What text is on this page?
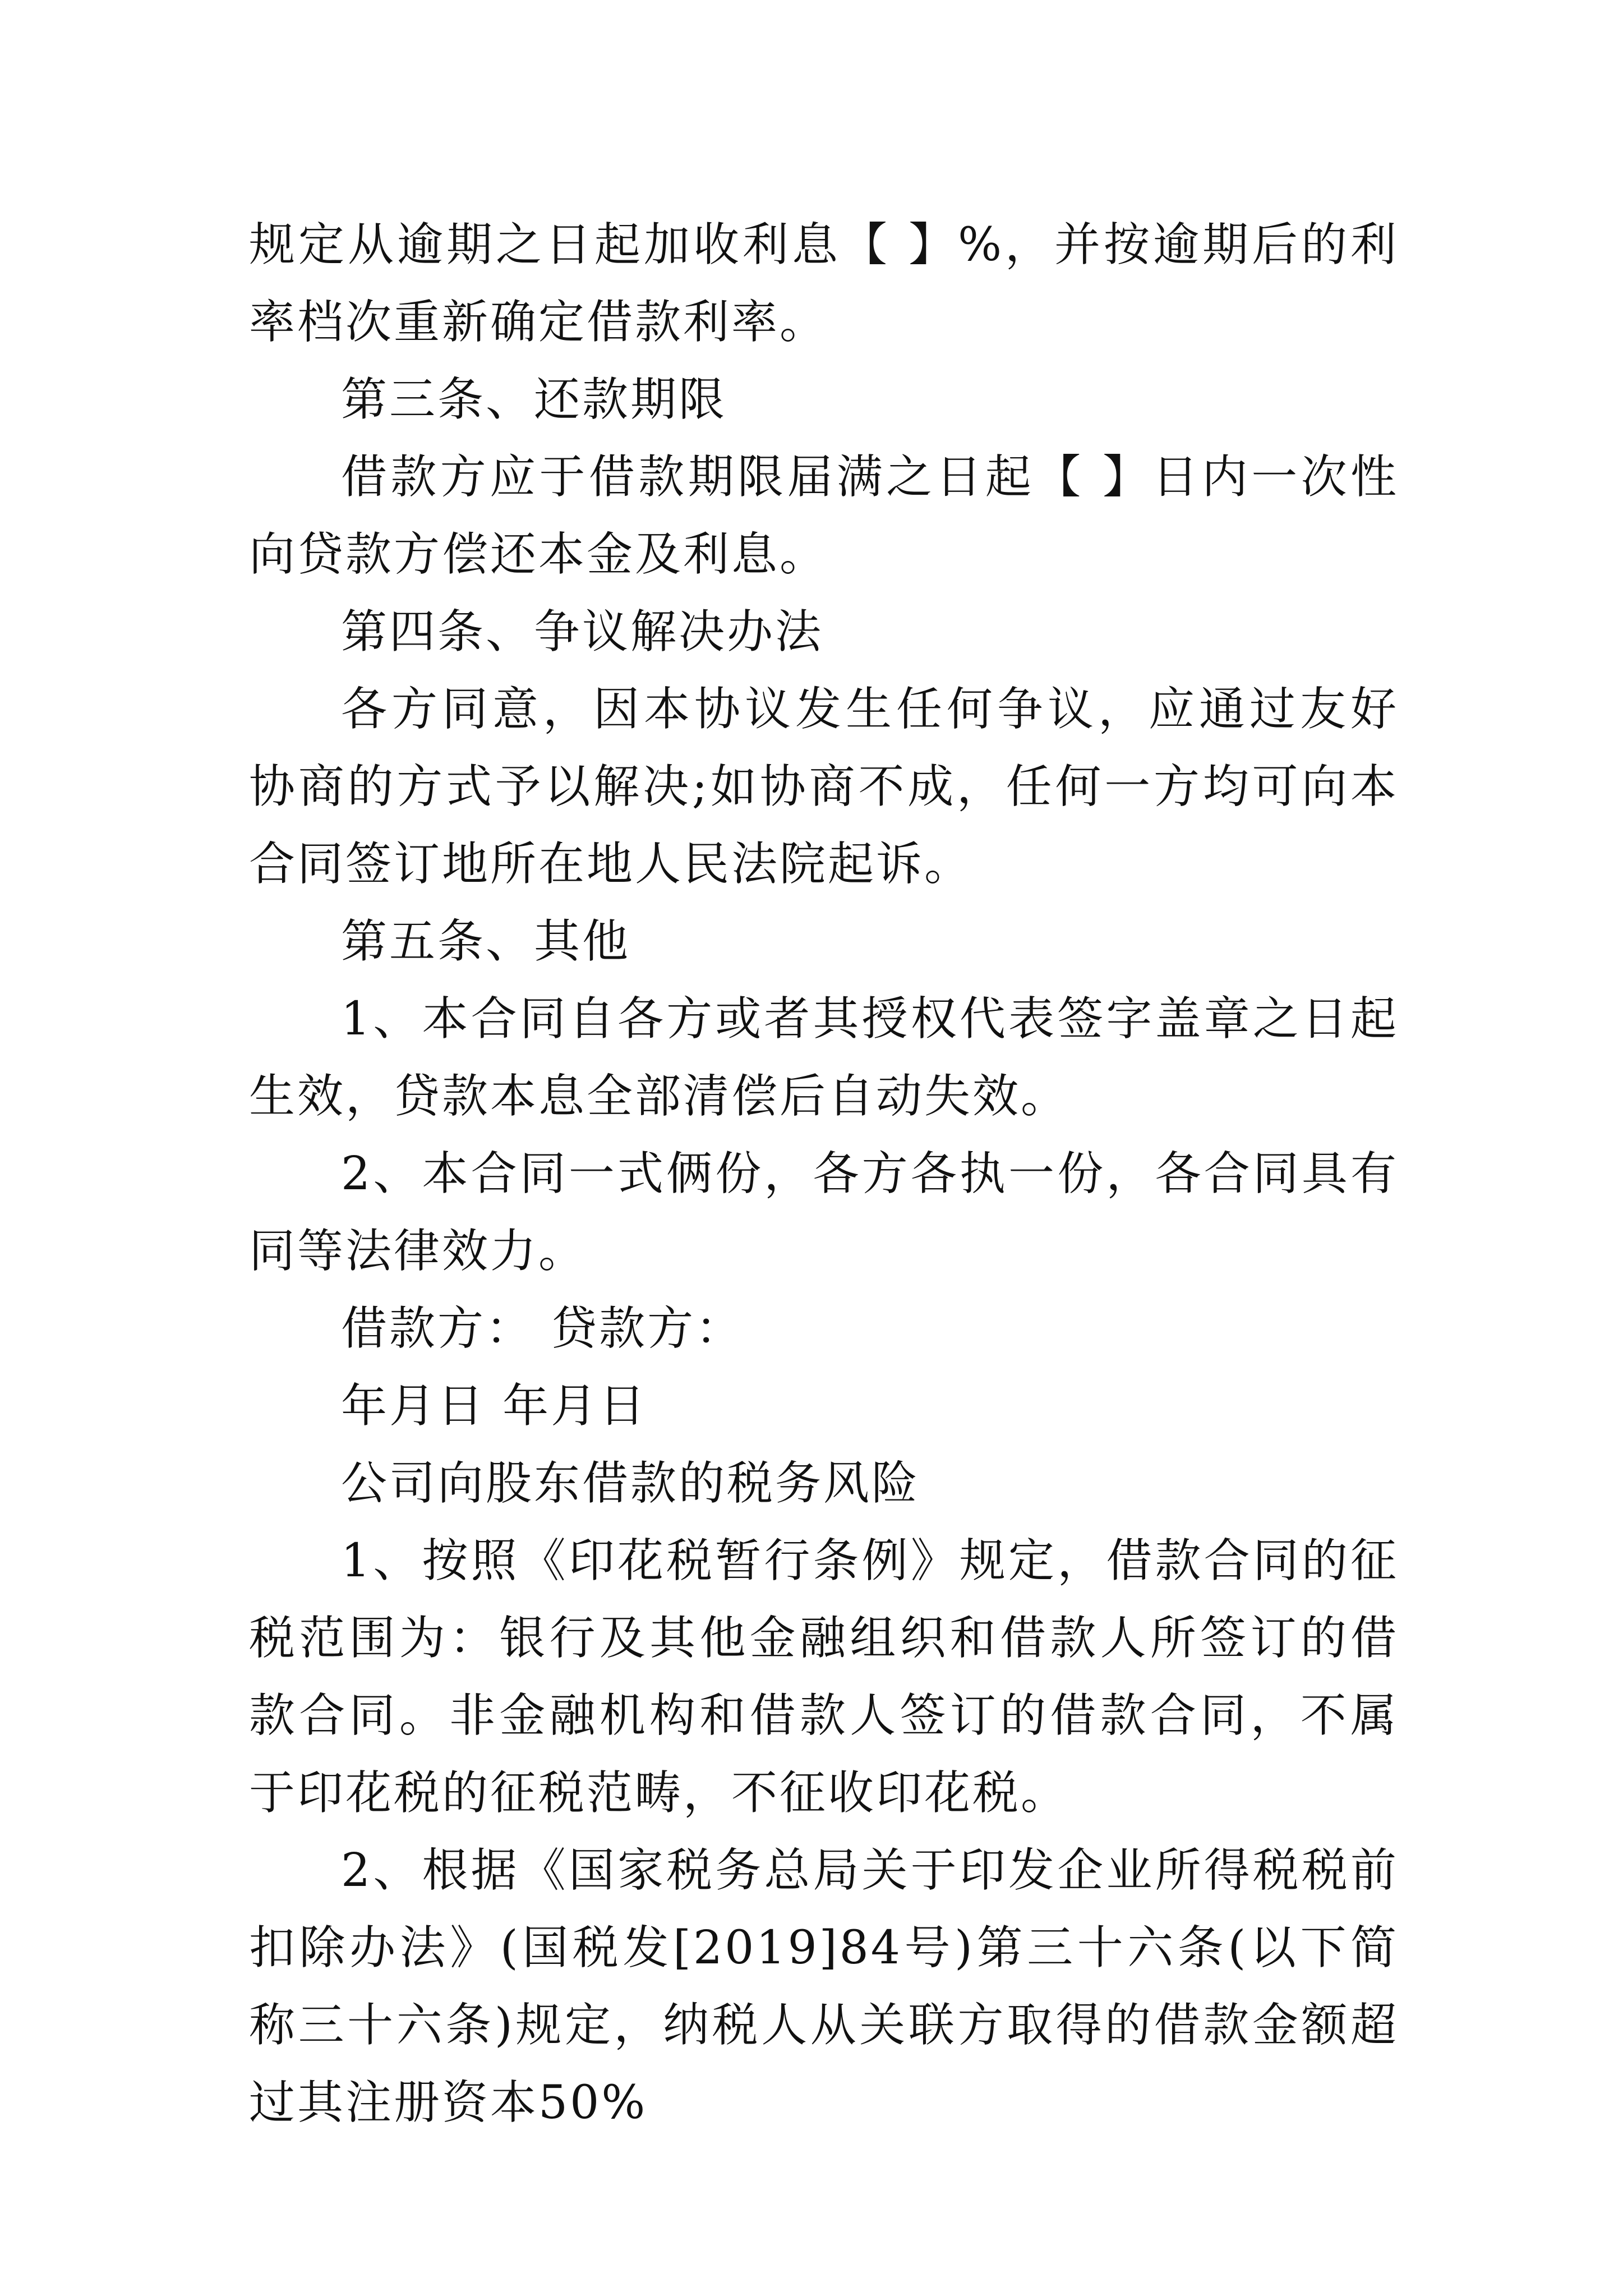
规定从逾期之日起加收利息【 】%，并按逾期后的利率档次重新确定借款利率。

第三条、还款期限

借款方应于借款期限届满之日起【 】日内一次性向贷款方偿还本金及利息。

第四条、争议解决办法

各方同意，因本协议发生任何争议，应通过友好协商的方式予以解决;如协商不成，任何一方均可向本合同签订地所在地人民法院起诉。

第五条、其他

1、本合同自各方或者其授权代表签字盖章之日起生效，贷款本息全部清偿后自动失效。

2、本合同一式俩份，各方各执一份，各合同具有同等法律效力。

借款方： 贷款方：

年月日 年月日

公司向股东借款的税务风险

1、按照《印花税暂行条例》规定，借款合同的征税范围为：银行及其他金融组织和借款人所签订的借款合同。非金融机构和借款人签订的借款合同，不属于印花税的征税范畴，不征收印花税。

2、根据《国家税务总局关于印发企业所得税税前扣除办法》(国税发[2019]84号)第三十六条(以下简称三十六条)规定，纳税人从关联方取得的借款金额超过其注册资本50%
